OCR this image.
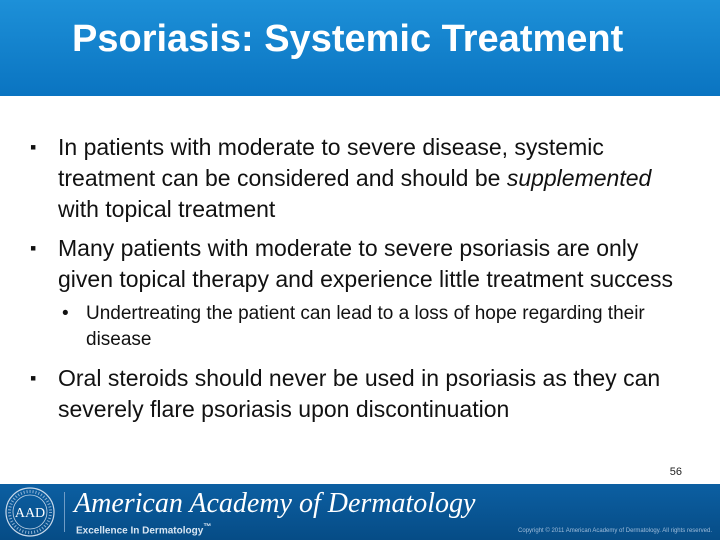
Psoriasis: Systemic Treatment
▪ In patients with moderate to severe disease, systemic treatment can be considered and should be supplemented with topical treatment
▪ Many patients with moderate to severe psoriasis are only given topical therapy and experience little treatment success
• Undertreating the patient can lead to a loss of hope regarding their disease
▪ Oral steroids should never be used in psoriasis as they can severely flare psoriasis upon discontinuation
56
AAD American Academy of Dermatology
Excellence In Dermatology™	Copyright © 2011 American Academy of Dermatology. All rights reserved.
